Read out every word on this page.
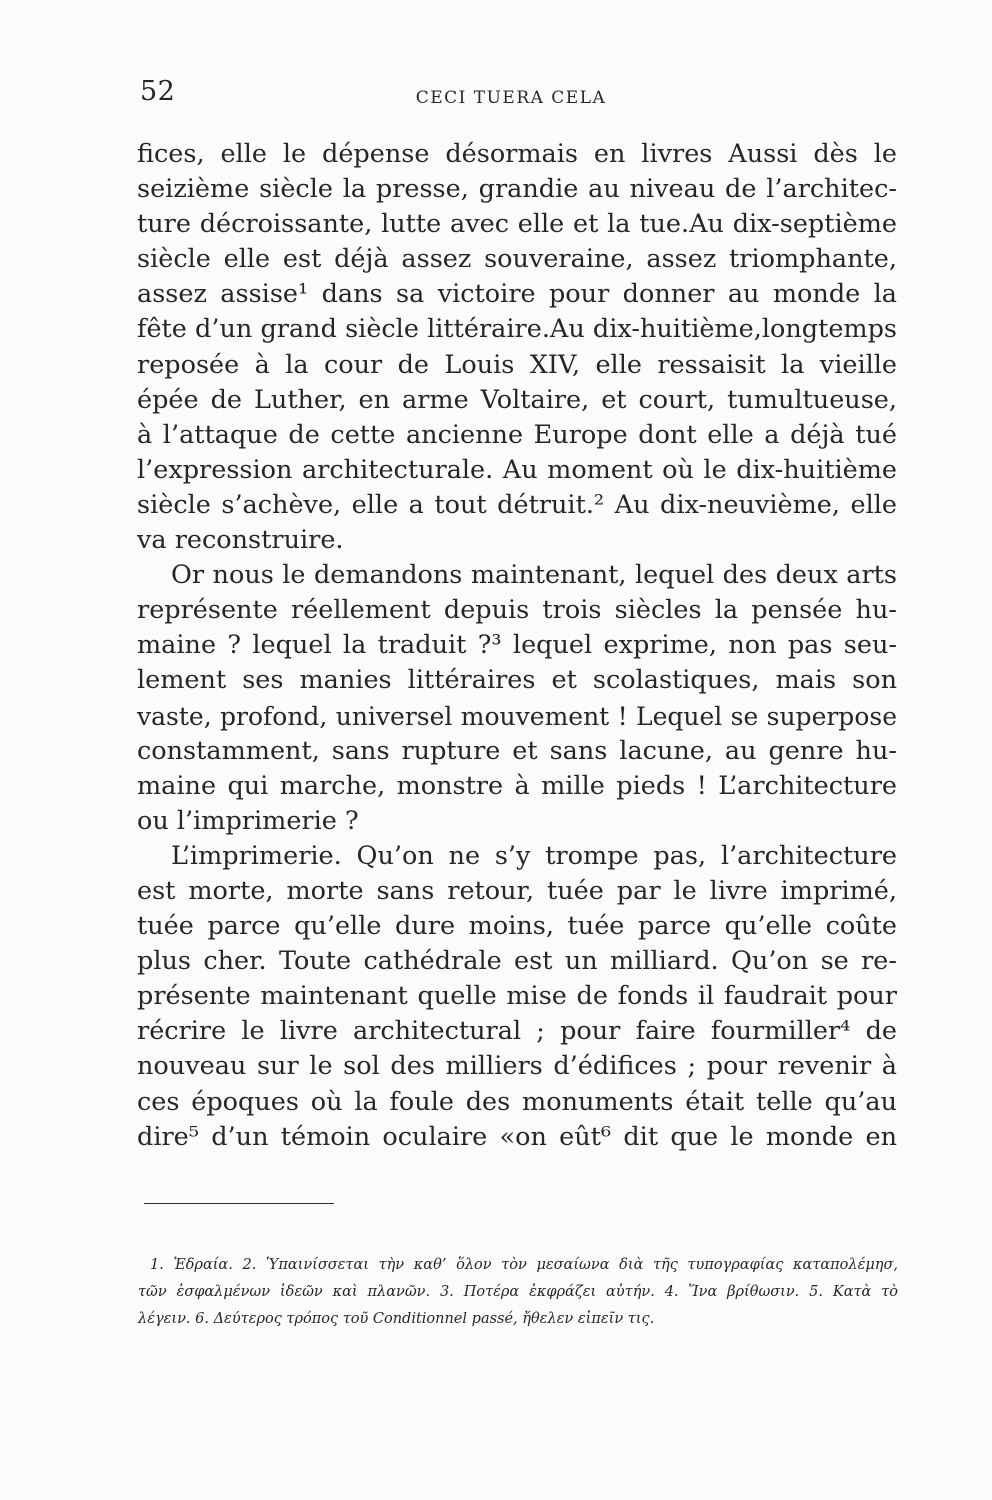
52	CECI TUERA CELA
fices, elle le dépense désormais en livres Aussi dès le
seizième siècle la presse, grandie au niveau de l’architec-
ture décroissante, lutte avec elle et la tue.Au dix-septième
siècle elle est déjà assez souveraine, assez triomphante,
assez assise¹ dans sa victoire pour donner au monde la
fête d’un grand siècle littéraire.Au dix-huitième,longtemps
reposée à la cour de Louis XIV, elle ressaisit la vieille
épée de Luther, en arme Voltaire, et court, tumultueuse,
à l’attaque de cette ancienne Europe dont elle a déjà tué
l’expression architecturale. Au moment où le dix-huitième
siècle s’achève, elle a tout détruit.² Au dix-neuvième, elle
va reconstruire.
Or nous le demandons maintenant, lequel des deux arts
représente réellement depuis trois siècles la pensée hu-
maine ? lequel la traduit ?³ lequel exprime, non pas seu-
lement ses manies littéraires et scolastiques, mais son
vaste, profond, universel mouvement ! Lequel se superpose
constamment, sans rupture et sans lacune, au genre hu-
maine qui marche, monstre à mille pieds ! L’architecture
ou l’imprimerie ?
L’imprimerie. Qu’on ne s’y trompe pas, l’architecture
est morte, morte sans retour, tuée par le livre imprimé,
tuée parce qu’elle dure moins, tuée parce qu’elle coûte
plus cher. Toute cathédrale est un milliard. Qu’on se re-
présente maintenant quelle mise de fonds il faudrait pour
récrire le livre architectural ; pour faire fourmiller⁴ de
nouveau sur le sol des milliers d’édifices ; pour revenir à
ces époques où la foule des monuments était telle qu’au
dire⁵ d’un témoin oculaire «on eût⁶ dit que le monde en
1. Ἑδραία. 2. Ὑπαινίσσεται τὴν καθ’ ὅλον τὸν μεσαίωνα διὰ τῆς τυπογραφίας καταπολέμησ,
τῶν ἐσφαλμένων ἰδεῶν καὶ πλανῶν. 3. Ποτέρα ἐκφράζει αὐτήν. 4. Ἵνα βρίθωσιν. 5. Κατὰ τὸ
λέγειν. 6. Δεύτερος τρόπος τοῦ Conditionnel passé, ἤθελεν εἰπεῖν τις.
